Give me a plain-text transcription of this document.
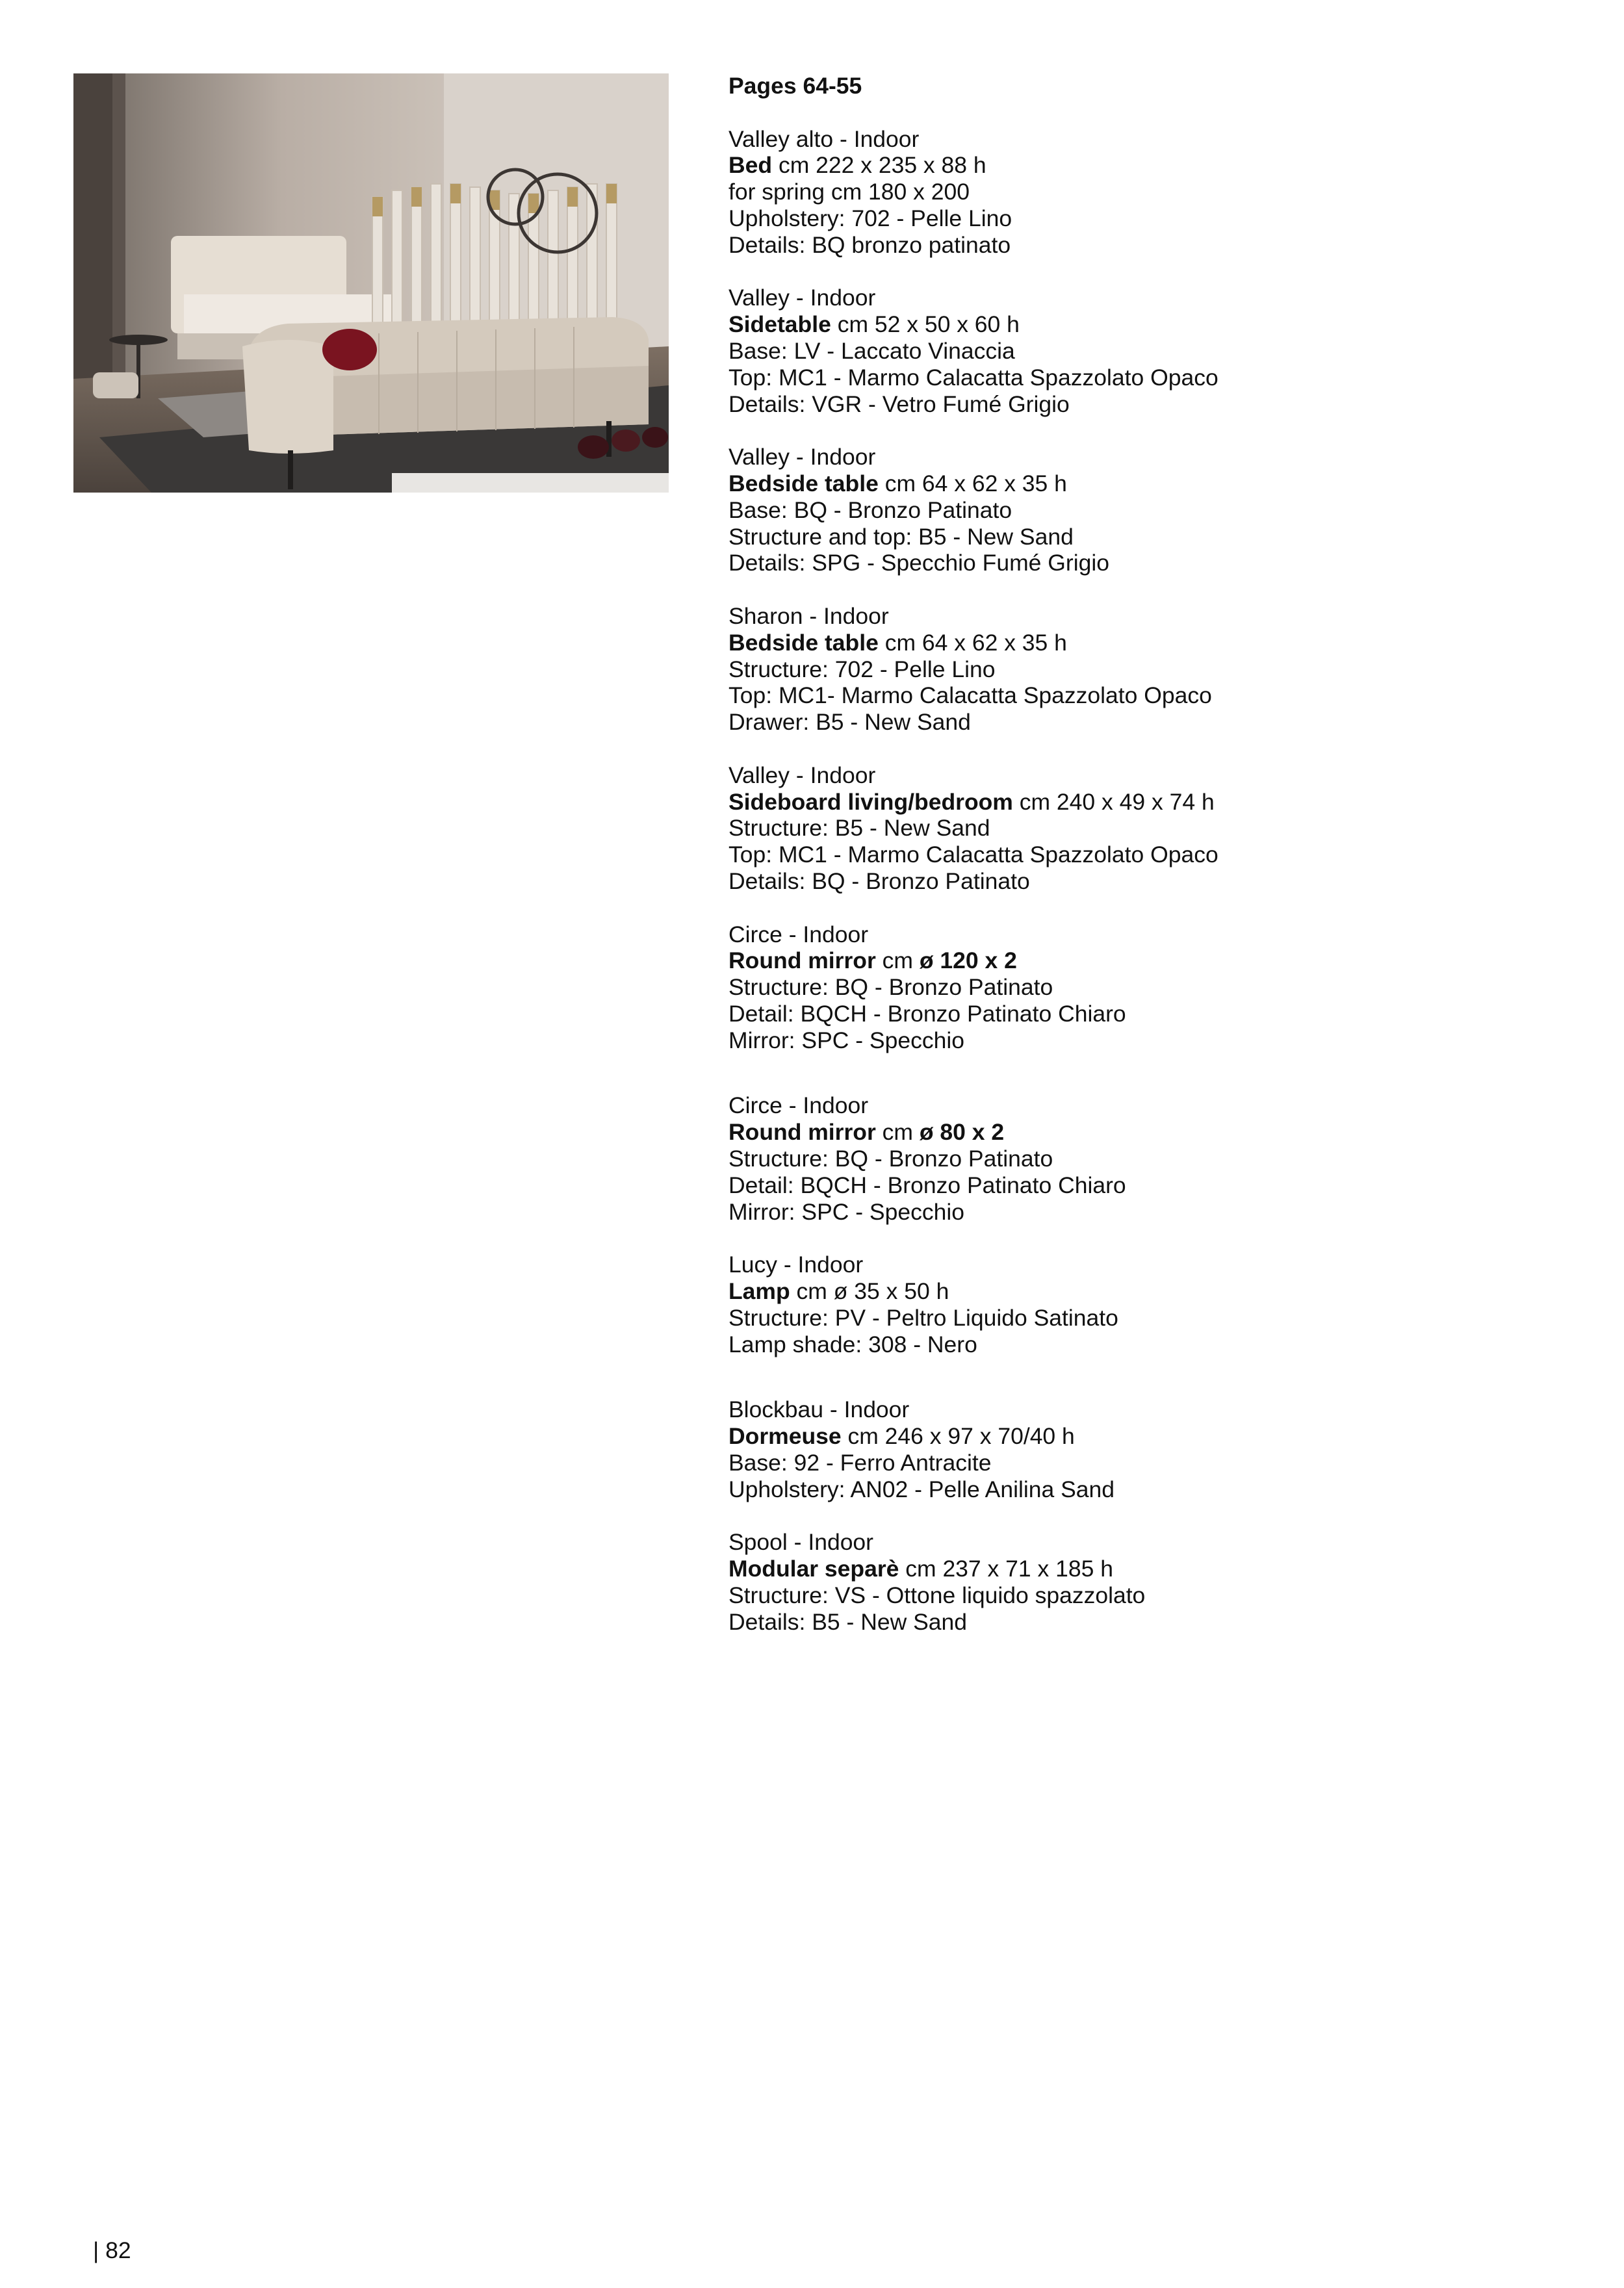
Pages 64-55
Valley alto - Indoor
Bed cm 222 x 235 x 88 h
for spring cm 180 x 200
Upholstery: 702 - Pelle Lino
Details: BQ bronzo patinato
Valley - Indoor
Sidetable cm 52 x 50 x 60 h
Base: LV - Laccato Vinaccia
Top: MC1 - Marmo Calacatta Spazzolato Opaco
Details: VGR - Vetro Fumé Grigio
Valley - Indoor
Bedside table cm 64 x 62 x 35 h
Base: BQ - Bronzo Patinato
Structure and top: B5 - New Sand
Details: SPG - Specchio Fumé Grigio
Sharon - Indoor
Bedside table cm 64 x 62 x 35 h
Structure: 702 - Pelle Lino
Top: MC1- Marmo Calacatta Spazzolato Opaco
Drawer: B5 - New Sand
Valley - Indoor
Sideboard living/bedroom cm 240 x 49 x 74 h
Structure: B5 - New Sand
Top: MC1 - Marmo Calacatta Spazzolato Opaco
Details: BQ - Bronzo Patinato
Circe - Indoor
Round mirror cm ø 120 x 2
Structure: BQ - Bronzo Patinato
Detail: BQCH - Bronzo Patinato Chiaro
Mirror: SPC - Specchio
Circe - Indoor
Round mirror cm ø 80 x 2
Structure: BQ - Bronzo Patinato
Detail: BQCH - Bronzo Patinato Chiaro
Mirror: SPC - Specchio
Lucy - Indoor
Lamp cm ø 35 x 50 h
Structure: PV - Peltro Liquido Satinato
Lamp shade: 308 - Nero
Blockbau - Indoor
Dormeuse cm 246 x 97 x 70/40 h
Base: 92 - Ferro Antracite
Upholstery: AN02 - Pelle Anilina Sand
Spool - Indoor
Modular separè cm 237 x 71 x 185 h
Structure: VS - Ottone liquido spazzolato
Details: B5 - New Sand
| 82
